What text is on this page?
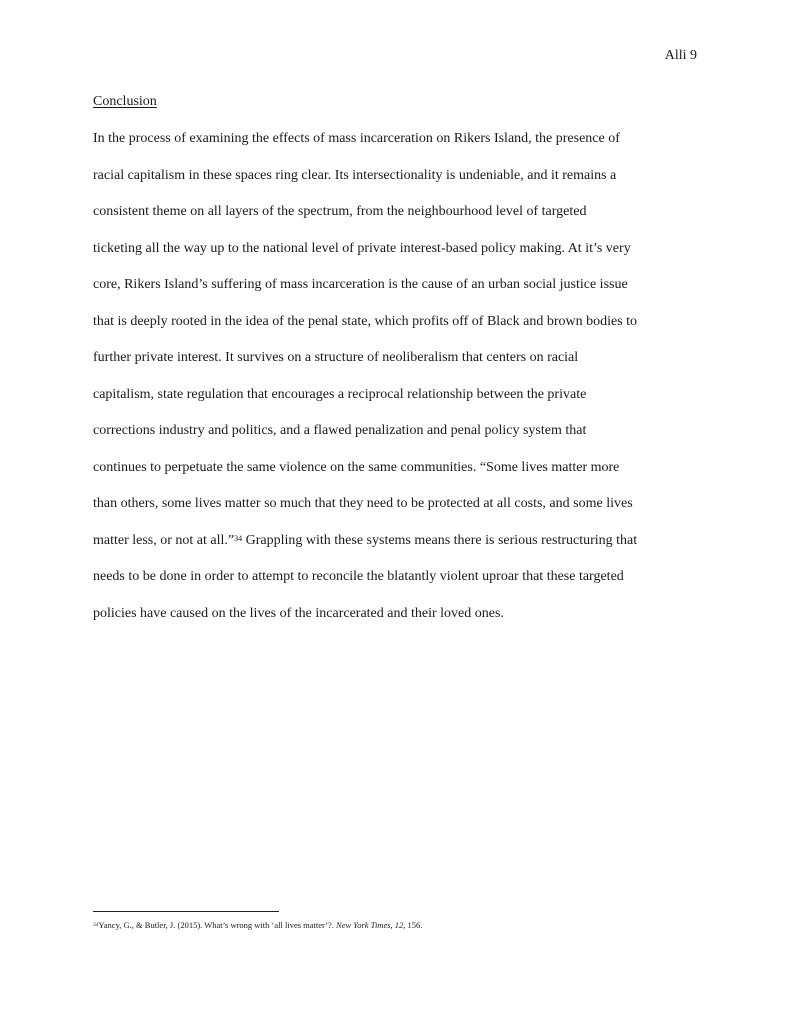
Alli 9
Conclusion
In the process of examining the effects of mass incarceration on Rikers Island, the presence of
racial capitalism in these spaces ring clear. Its intersectionality is undeniable, and it remains a
consistent theme on all layers of the spectrum, from the neighbourhood level of targeted
ticketing all the way up to the national level of private interest-based policy making. At it’s very
core, Rikers Island’s suffering of mass incarceration is the cause of an urban social justice issue
that is deeply rooted in the idea of the penal state, which profits off of Black and brown bodies to
further private interest. It survives on a structure of neoliberalism that centers on racial
capitalism, state regulation that encourages a reciprocal relationship between the private
corrections industry and politics, and a flawed penalization and penal policy system that
continues to perpetuate the same violence on the same communities. “Some lives matter more
than others, some lives matter so much that they need to be protected at all costs, and some lives
matter less, or not at all.”$^{34}$ Grappling with these systems means there is serious restructuring that
needs to be done in order to attempt to reconcile the blatantly violent uproar that these targeted
policies have caused on the lives of the incarcerated and their loved ones.
$^{34}$Yancy, G., & Butler, J. (2015). What’s wrong with ‘all lives matter’?. New York Times, 12, 156.
